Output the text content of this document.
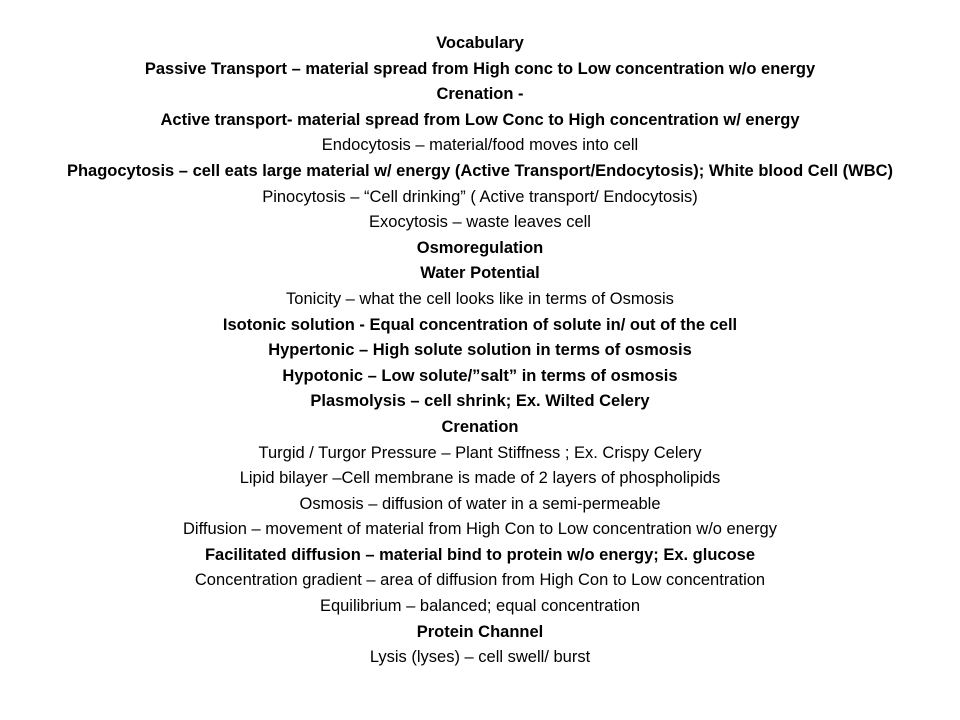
Vocabulary
Passive Transport – material spread from High conc to Low concentration w/o energy
Crenation -
Active transport- material spread from Low Conc to High concentration w/ energy
Endocytosis – material/food moves into cell
Phagocytosis – cell eats large material w/ energy (Active Transport/Endocytosis); White blood Cell (WBC)
Pinocytosis – “Cell drinking” ( Active transport/ Endocytosis)
Exocytosis – waste leaves cell
Osmoregulation
Water Potential
Tonicity – what the cell looks like in terms of Osmosis
Isotonic solution - Equal concentration of solute in/ out of the cell
Hypertonic – High solute solution in terms of osmosis
Hypotonic – Low solute/”salt” in terms of osmosis
Plasmolysis – cell shrink; Ex. Wilted Celery
Crenation
Turgid / Turgor Pressure – Plant Stiffness ; Ex. Crispy Celery
Lipid bilayer –Cell membrane is made of 2 layers of phospholipids
Osmosis – diffusion of water in a semi-permeable
Diffusion – movement of material from High Con to Low concentration w/o energy
Facilitated diffusion – material bind to protein w/o energy; Ex. glucose
Concentration gradient – area of diffusion from High Con to Low concentration
Equilibrium – balanced; equal concentration
Protein Channel
Lysis (lyses) – cell swell/ burst
